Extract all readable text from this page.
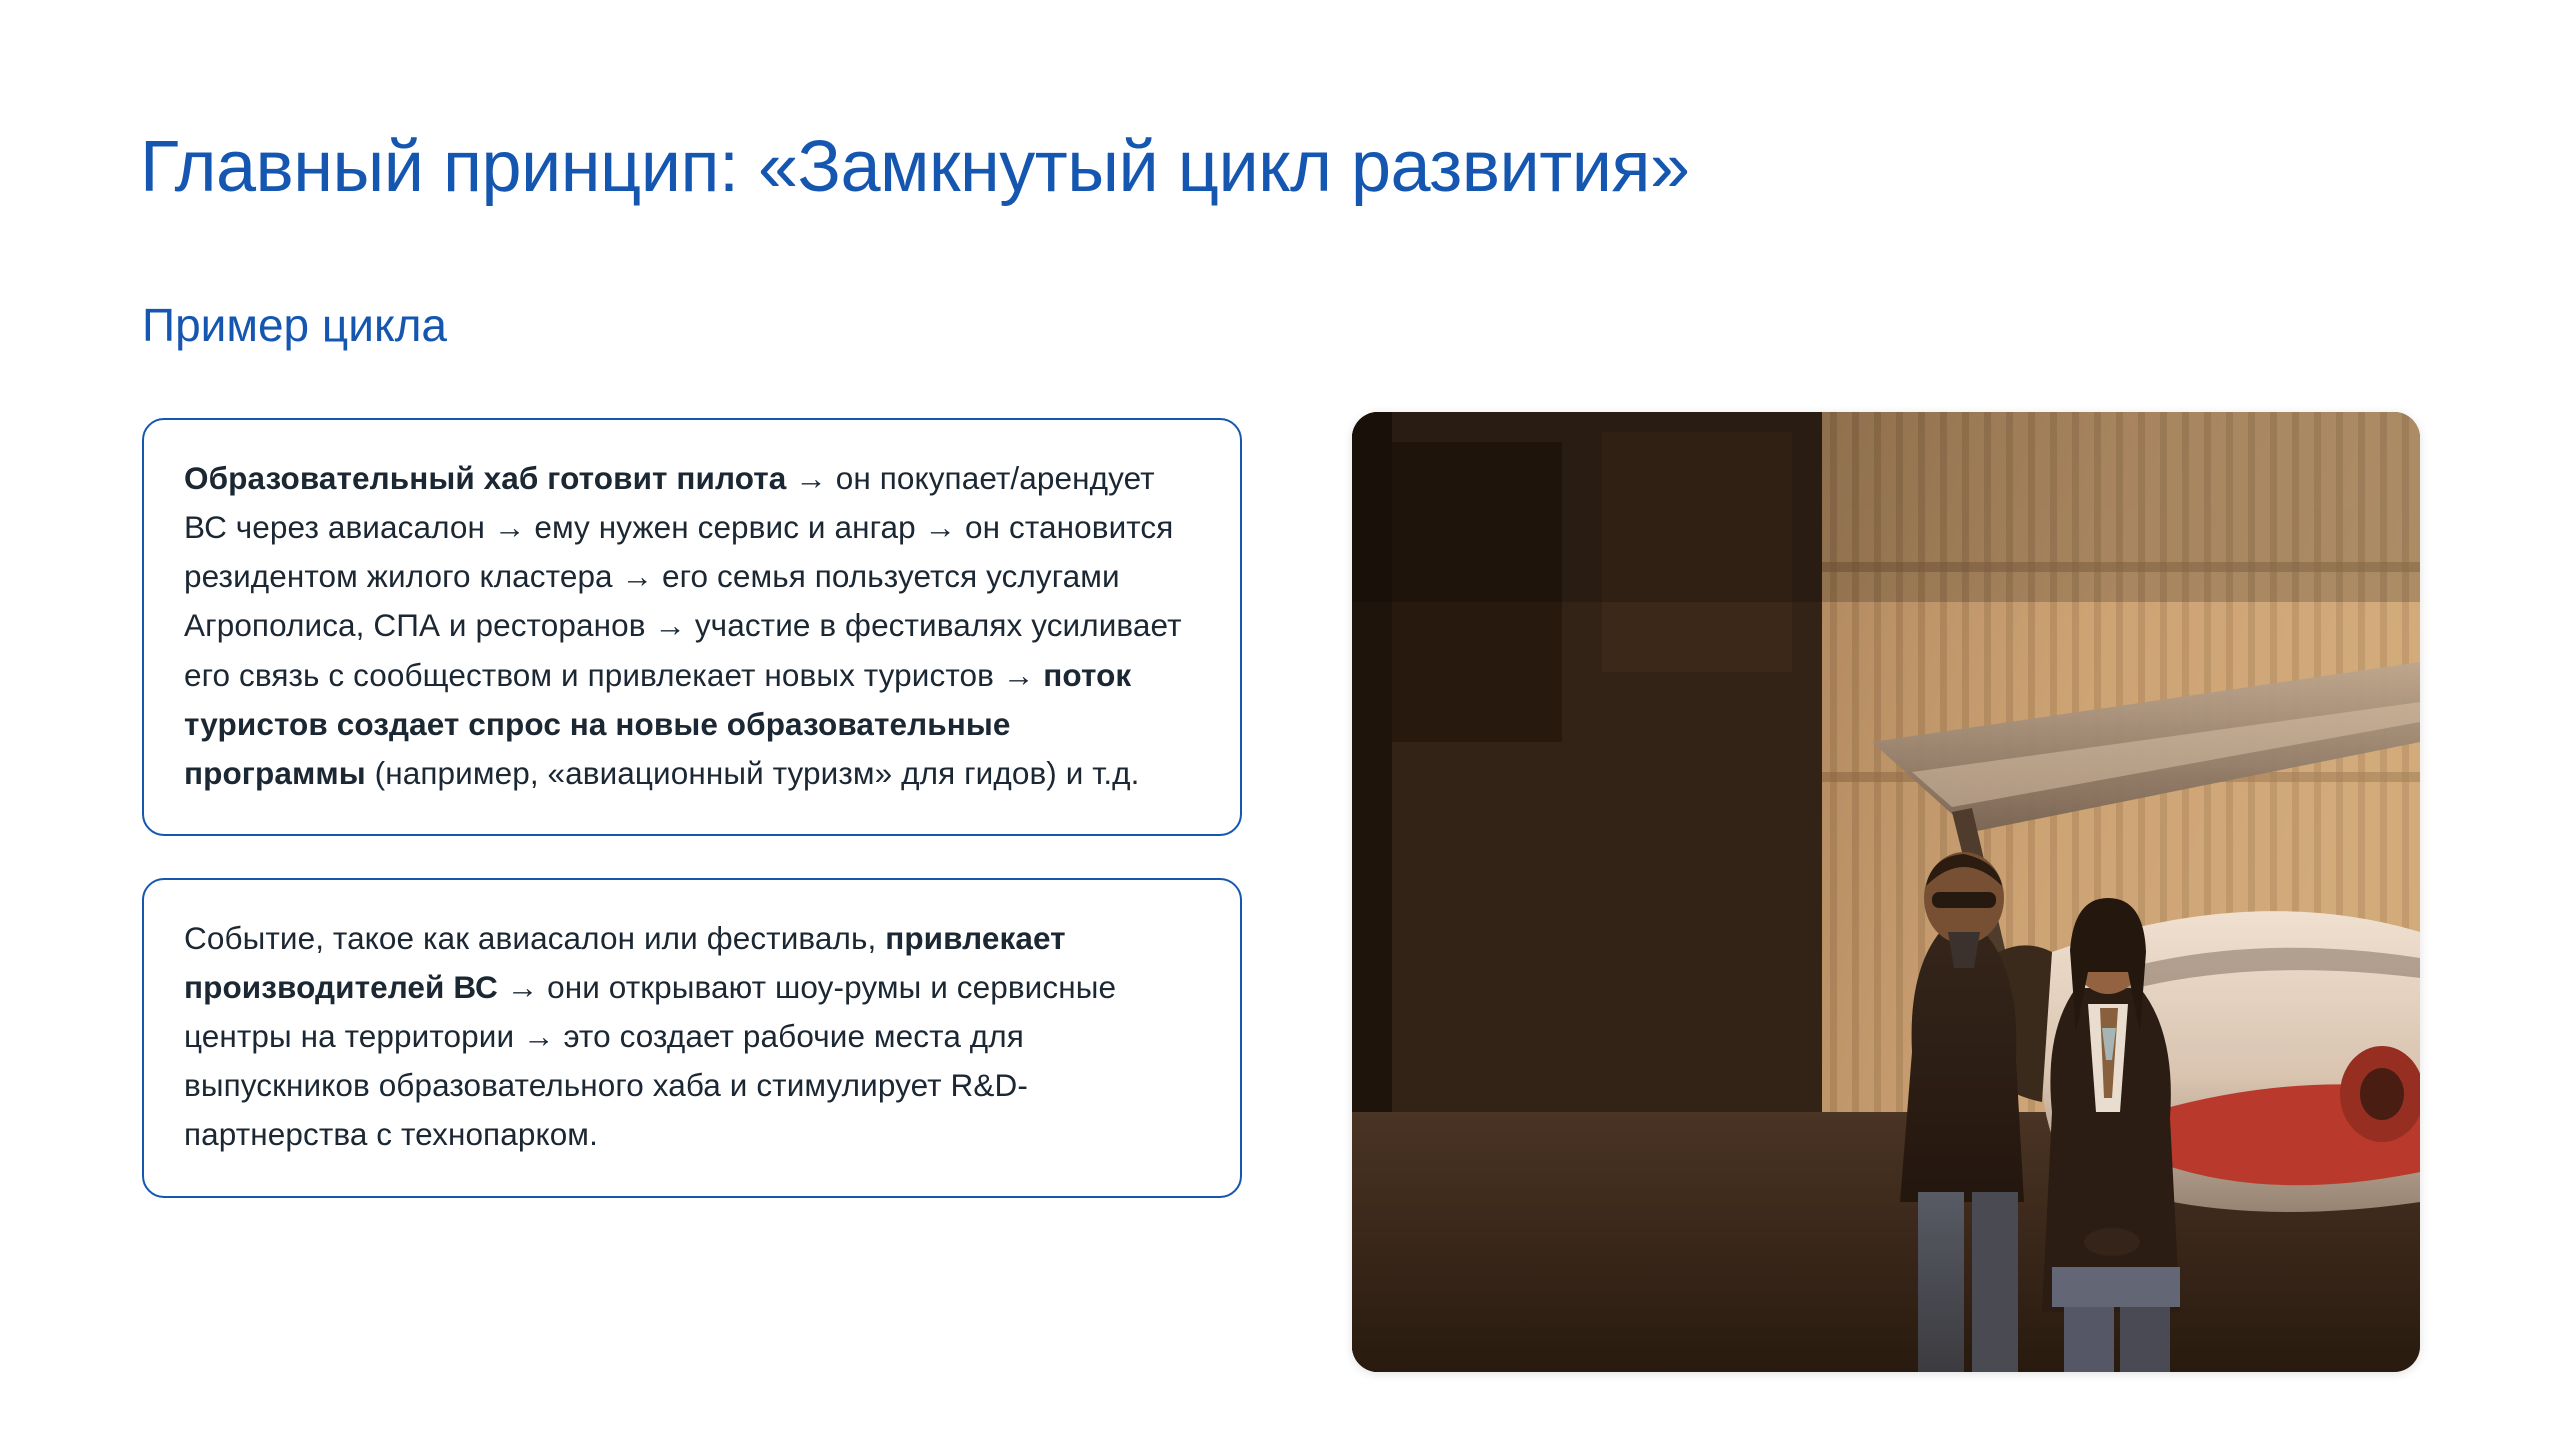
Главный принцип: «Замкнутый цикл развития»
Пример цикла
Образовательный хаб готовит пилота → он покупает/арендует ВС через авиасалон → ему нужен сервис и ангар → он становится резидентом жилого кластера → его семья пользуется услугами Агрополиса, СПА и ресторанов → участие в фестивалях усиливает его связь с сообществом и привлекает новых туристов → поток туристов создает спрос на новые образовательные программы (например, «авиационный туризм» для гидов) и т.д.
Событие, такое как авиасалон или фестиваль, привлекает производителей ВС → они открывают шоу-румы и сервисные центры на территории → это создает рабочие места для выпускников образовательного хаба и стимулирует R&D-партнерства с технопарком.
